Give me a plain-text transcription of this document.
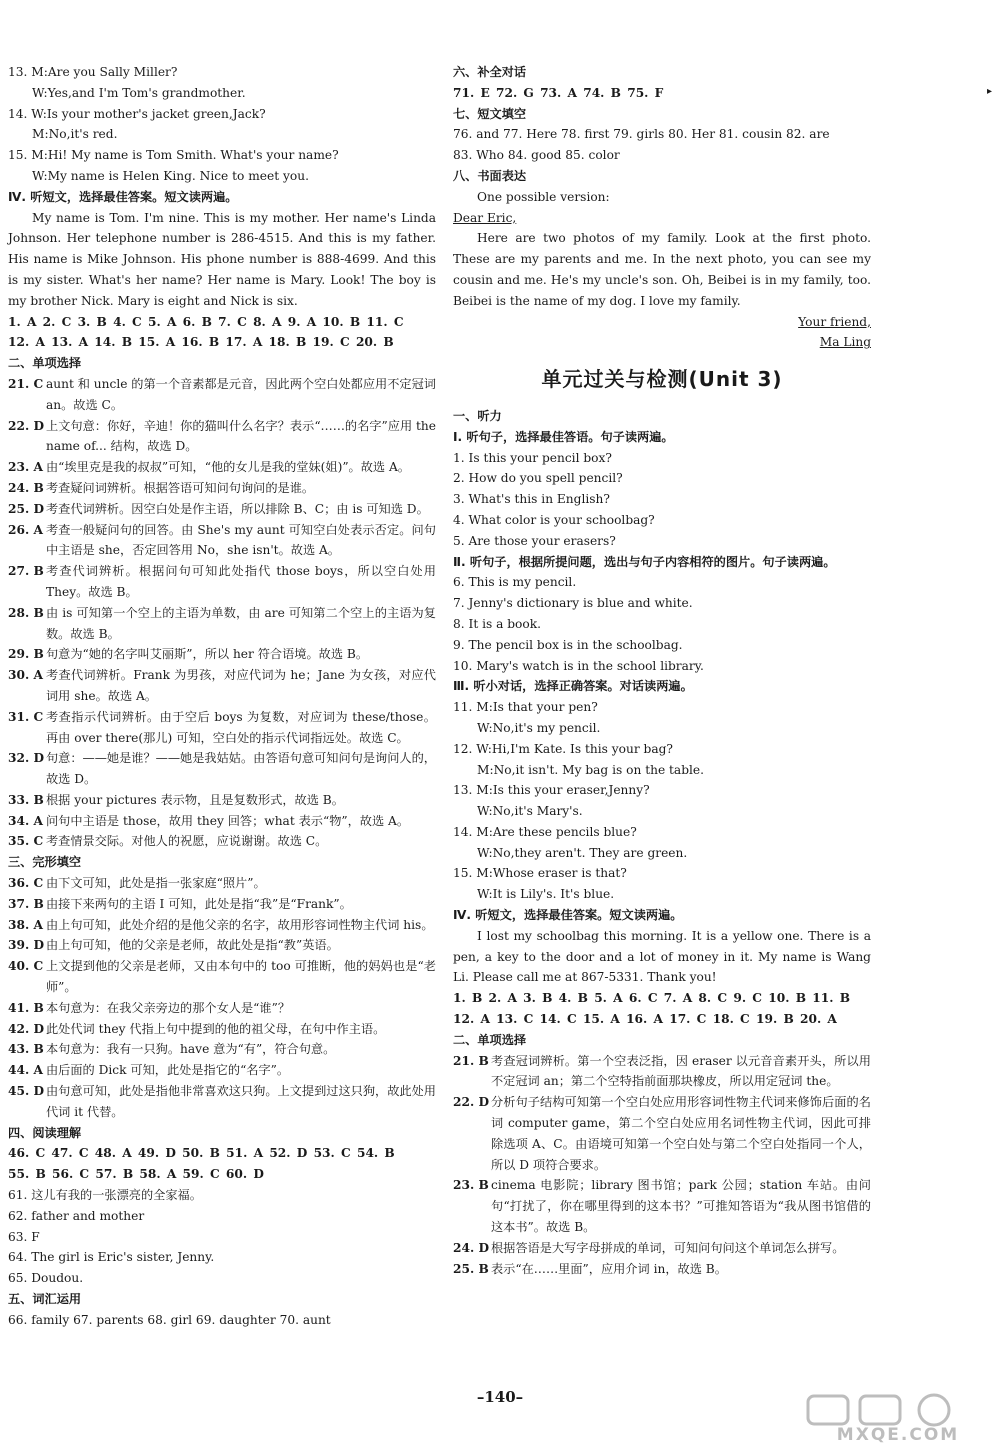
13. M:Are you Sally Miller?
W:Yes,and I'm Tom's grandmother.
14. W:Is your mother's jacket green,Jack?
M:No,it's red.
15. M:Hi! My name is Tom Smith. What's your name?
W:My name is Helen King. Nice to meet you.
Ⅳ. 听短文，选择最佳答案。短文读两遍。
My name is Tom. I'm nine. This is my mother. Her name's Linda Johnson. Her telephone number is 286-4515. And this is my father. His name is Mike Johnson. His phone number is 888-4699. And this is my sister. What's her name? Her name is Mary. Look! The boy is my brother Nick. Mary is eight and Nick is six.
1. A 2. C 3. B 4. C 5. A 6. B 7. C 8. A 9. A 10. B 11. C
12. A 13. A 14. B 15. A 16. B 17. A 18. B 19. C 20. B
二、单项选择
21. C aunt 和 uncle 的第一个音素都是元音，因此两个空白处都应用不定冠词 an。故选 C。
22. D 上文句意：你好，辛迪！你的猫叫什么名字？表示“……的名字”应用 the name of... 结构，故选 D。
23. A 由“埃里克是我的叔叔”可知，“他的女儿是我的堂妹(姐)”。故选 A。
24. B 考查疑问词辨析。根据答语可知问句询问的是谁。
25. D 考查代词辨析。因空白处是作主语，所以排除 B、C；由 is 可知选 D。
26. A 考查一般疑问句的回答。由 She's my aunt 可知空白处表示否定。问句中主语是 she，否定回答用 No，she isn't。故选 A。
27. B 考查代词辨析。根据问句可知此处指代 those boys，所以空白处用 They。故选 B。
28. B 由 is 可知第一个空上的主语为单数，由 are 可知第二个空上的主语为复数。故选 B。
29. B 句意为“她的名字叫艾丽斯”，所以 her 符合语境。故选 B。
30. A 考查代词辨析。Frank 为男孩，对应代词为 he；Jane 为女孩，对应代词用 she。故选 A。
31. C 考查指示代词辨析。由于空后 boys 为复数，对应词为 these/those。再由 over there(那儿) 可知，空白处的指示代词指远处。故选 C。
32. D 句意：——她是谁？——她是我姑姑。由答语句意可知问句是询问人的，故选 D。
33. B 根据 your pictures 表示物，且是复数形式，故选 B。
34. A 问句中主语是 those，故用 they 回答；what 表示“物”，故选 A。
35. C 考查情景交际。对他人的祝愿，应说谢谢。故选 C。
三、完形填空
36. C 由下文可知，此处是指一张家庭“照片”。
37. B 由接下来两句的主语 I 可知，此处是指“我”是“Frank”。
38. A 由上句可知，此处介绍的是他父亲的名字，故用形容词性物主代词 his。
39. D 由上句可知，他的父亲是老师，故此处是指“教”英语。
40. C 上文提到他的父亲是老师，又由本句中的 too 可推断，他的妈妈也是“老师”。
41. B 本句意为：在我父亲旁边的那个女人是“谁”？
42. D 此处代词 they 代指上句中提到的他的祖父母，在句中作主语。
43. B 本句意为：我有一只狗。have 意为“有”，符合句意。
44. A 由后面的 Dick 可知，此处是指它的“名字”。
45. D 由句意可知，此处是指他非常喜欢这只狗。上文提到过这只狗，故此处用代词 it 代替。
四、阅读理解
46. C 47. C 48. A 49. D 50. B 51. A 52. D 53. C 54. B
55. B 56. C 57. B 58. A 59. C 60. D
61. 这儿有我的一张漂亮的全家福。
62. father and mother
63. F
64. The girl is Eric's sister, Jenny.
65. Doudou.
五、词汇运用
66. family 67. parents 68. girl 69. daughter 70. aunt
六、补全对话
71. E 72. G 73. A 74. B 75. F
七、短文填空
76. and 77. Here 78. first 79. girls 80. Her 81. cousin 82. are
83. Who 84. good 85. color
八、书面表达
One possible version:
Dear Eric,
Here are two photos of my family. Look at the first photo. These are my parents and me. In the next photo, you can see my cousin and me. He's my uncle's son. Oh, Beibei is in my family, too. Beibei is the name of my dog. I love my family.
Your friend,
Ma Ling
单元过关与检测(Unit 3)
一、听力
Ⅰ. 听句子，选择最佳答语。句子读两遍。
1. Is this your pencil box?
2. How do you spell pencil?
3. What's this in English?
4. What color is your schoolbag?
5. Are those your erasers?
Ⅱ. 听句子，根据所提问题，选出与句子内容相符的图片。句子读两遍。
6. This is my pencil.
7. Jenny's dictionary is blue and white.
8. It is a book.
9. The pencil box is in the schoolbag.
10. Mary's watch is in the school library.
Ⅲ. 听小对话，选择正确答案。对话读两遍。
11. M:Is that your pen?
W:No,it's my pencil.
12. W:Hi,I'm Kate. Is this your bag?
M:No,it isn't. My bag is on the table.
13. M:Is this your eraser,Jenny?
W:No,it's Mary's.
14. M:Are these pencils blue?
W:No,they aren't. They are green.
15. M:Whose eraser is that?
W:It is Lily's. It's blue.
Ⅳ. 听短文，选择最佳答案。短文读两遍。
I lost my schoolbag this morning. It is a yellow one. There is a pen, a key to the door and a lot of money in it. My name is Wang Li. Please call me at 867-5331. Thank you!
1. B 2. A 3. B 4. B 5. A 6. C 7. A 8. C 9. C 10. B 11. B
12. A 13. C 14. C 15. A 16. A 17. C 18. C 19. B 20. A
二、单项选择
21. B 考查冠词辨析。第一个空表泛指，因 eraser 以元音音素开头，所以用不定冠词 an；第二个空特指前面那块橡皮，所以用定冠词 the。
22. D 分析句子结构可知第一个空白处应用形容词性物主代词来修饰后面的名词 computer game，第二个空白处应用名词性物主代词，因此可排除选项 A、C。由语境可知第一个空白处与第二个空白处指同一个人，所以 D 项符合要求。
23. B cinema 电影院；library 图书馆；park 公园；station 车站。由问句“打扰了，你在哪里得到的这本书？”可推知答语为“我从图书馆借的这本书”。故选 B。
24. D 根据答语是大写字母拼成的单词，可知问句问这个单词怎么拼写。
25. B 表示“在……里面”，应用介词 in，故选 B。
▸
–140–
MXQE.COM
